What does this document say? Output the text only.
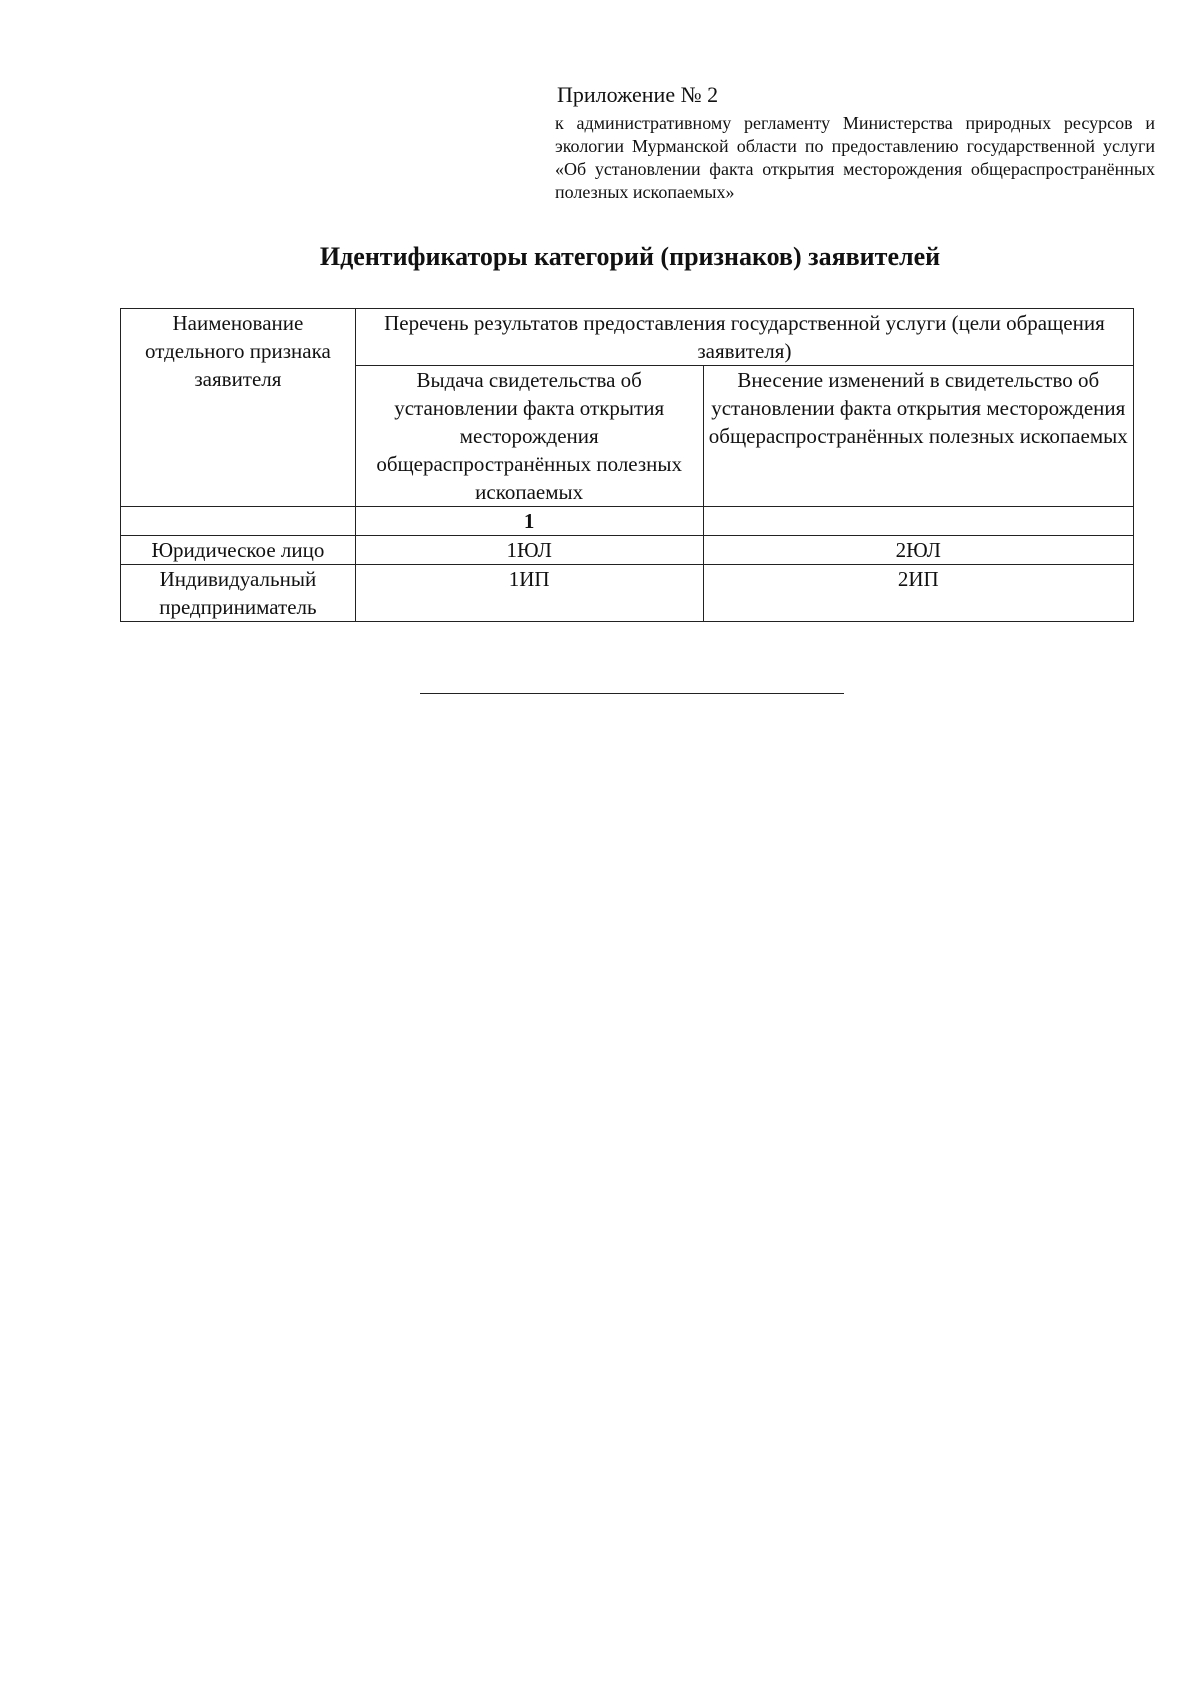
Приложение № 2
к административному регламенту Министерства природных ресурсов и экологии Мурманской области по предоставлению государственной услуги «Об установлении факта открытия месторождения общераспространённых полезных ископаемых»
Идентификаторы категорий (признаков) заявителей
Наименование отдельного признака заявителя	Перечень результатов предоставления государственной услуги (цели обращения заявителя)	
	Выдача свидетельства об установлении факта открытия месторождения общераспространённых полезных ископаемых	Внесение изменений в свидетельство об установлении факта открытия месторождения общераспространённых полезных ископаемых
	1	
Юридическое лицо	1ЮЛ	2ЮЛ
Индивидуальный предприниматель	1ИП	2ИП
